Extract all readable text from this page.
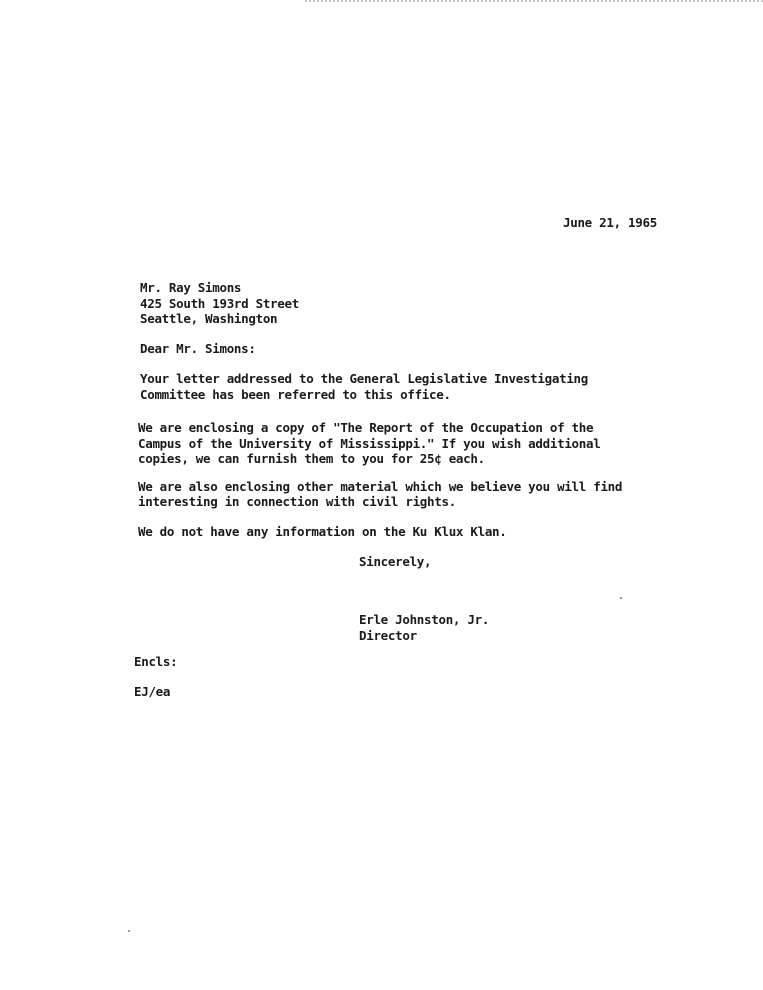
June 21, 1965
Mr. Ray Simons
425 South 193rd Street
Seattle, Washington
Dear Mr. Simons:
Your letter addressed to the General Legislative Investigating
Committee has been referred to this office.
We are enclosing a copy of "The Report of the Occupation of the
Campus of the University of Mississippi." If you wish additional
copies, we can furnish them to you for 25¢ each.
We are also enclosing other material which we believe you will find
interesting in connection with civil rights.
We do not have any information on the Ku Klux Klan.
Sincerely,
Erle Johnston, Jr.
Director
Encls:
EJ/ea
